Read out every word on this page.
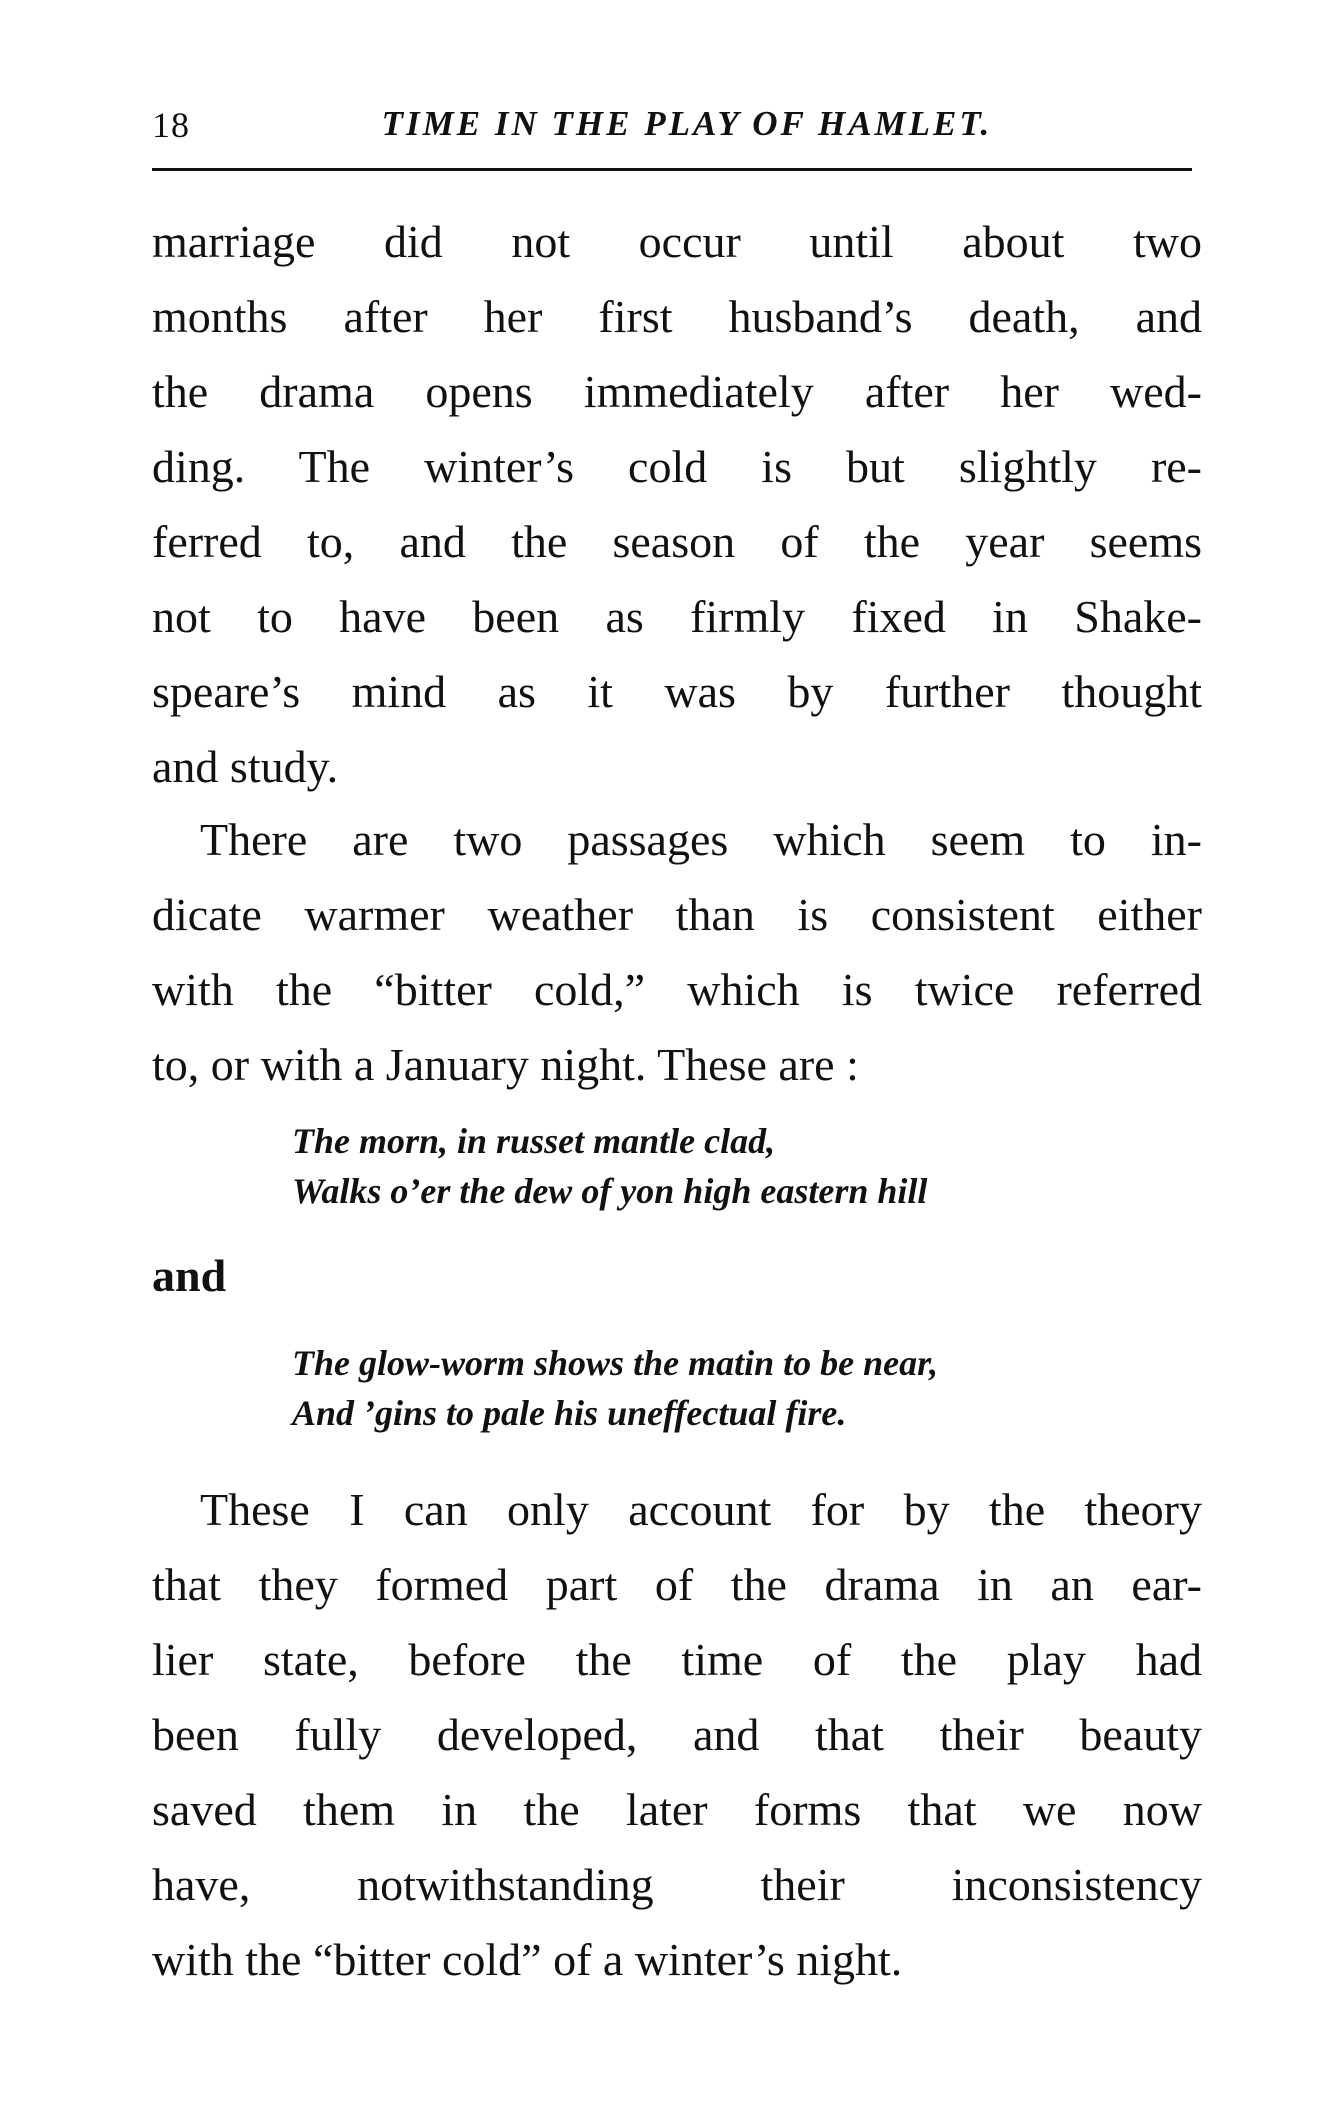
18	TIME IN THE PLAY OF HAMLET.
marriage did not occur until about two
months after her first husband’s death, and
the drama opens immediately after her wed-
ding. The winter’s cold is but slightly re-
ferred to, and the season of the year seems
not to have been as firmly fixed in Shake-
speare’s mind as it was by further thought
and study.
There are two passages which seem to in-
dicate warmer weather than is consistent either
with the “bitter cold,” which is twice referred
to, or with a January night. These are :
The morn, in russet mantle clad,
Walks o’er the dew of yon high eastern hill
and
The glow-worm shows the matin to be near,
And ’gins to pale his uneffectual fire.
These I can only account for by the theory
that they formed part of the drama in an ear-
lier state, before the time of the play had
been fully developed, and that their beauty
saved them in the later forms that we now
have, notwithstanding their inconsistency
with the “bitter cold” of a winter’s night.
